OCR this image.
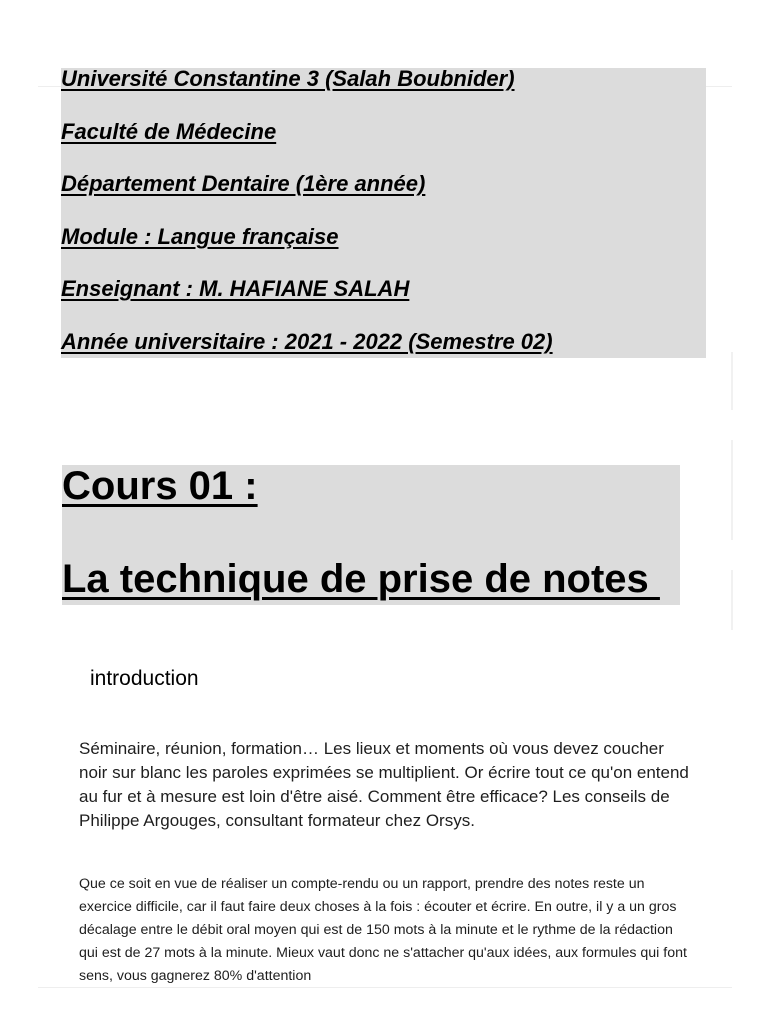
Université Constantine 3 (Salah Boubnider)

Faculté de Médecine

Département Dentaire (1ère année)

Module : Langue française

Enseignant : M. HAFIANE SALAH

Année universitaire : 2021 - 2022 (Semestre 02)

Cours 01 :
La technique de prise de notes
introduction

Séminaire, réunion, formation… Les lieux et moments où vous devez coucher noir sur blanc les paroles exprimées se multiplient. Or écrire tout ce qu'on entend au fur et à mesure est loin d'être aisé. Comment être efficace? Les conseils de Philippe Argouges, consultant formateur chez Orsys.

Que ce soit en vue de réaliser un compte-rendu ou un rapport, prendre des notes reste un exercice difficile, car il faut faire deux choses à la fois : écouter et écrire. En outre, il y a un gros décalage entre le débit oral moyen qui est de 150 mots à la minute et le rythme de la rédaction qui est de 27 mots à la minute. Mieux vaut donc ne s'attacher qu'aux idées, aux formules qui font sens, vous gagnerez 80% d'attention
